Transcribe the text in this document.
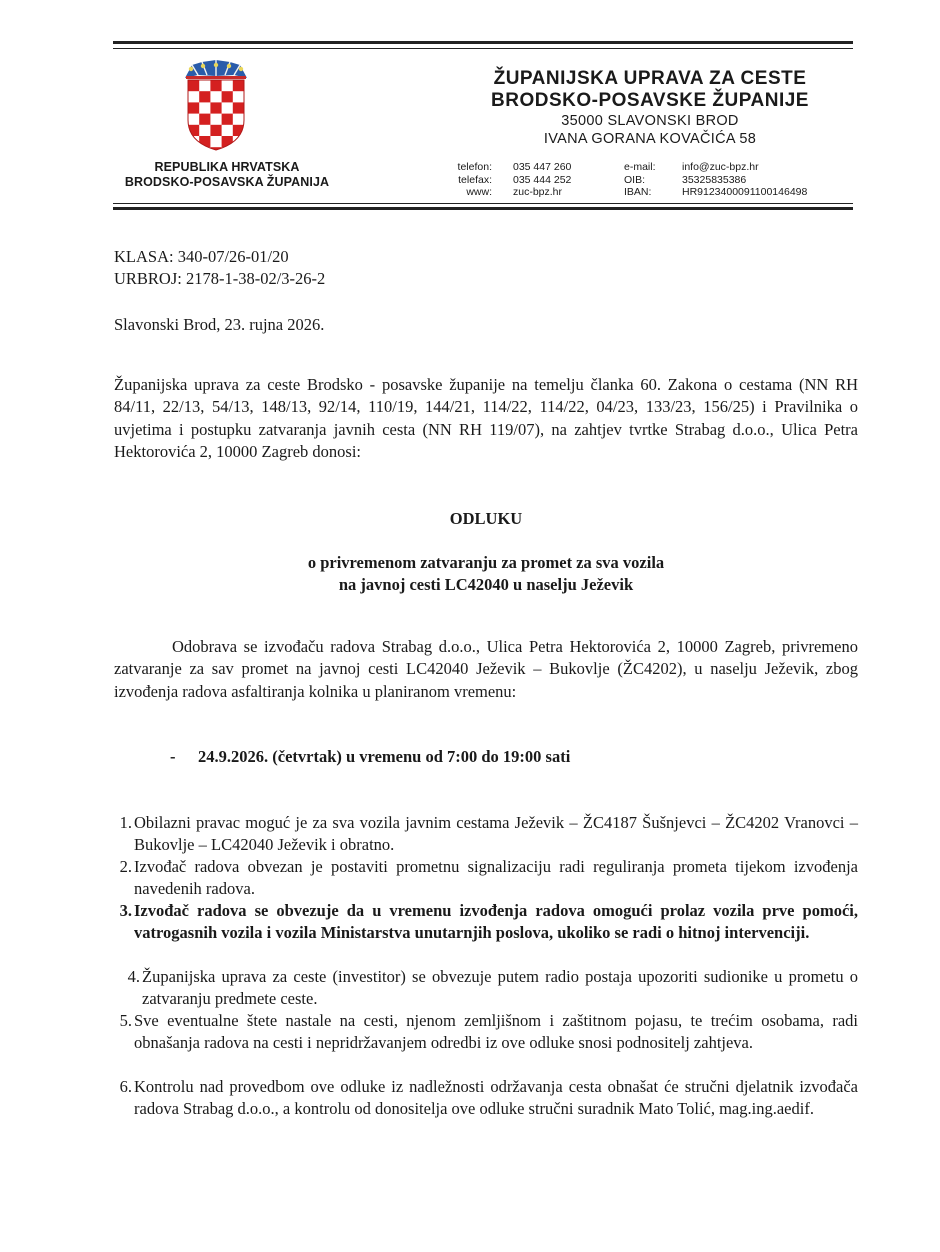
REPUBLIKA HRVATSKA
BRODSKO-POSAVSKA ŽUPANIJA
ŽUPANIJSKA UPRAVA ZA CESTE
BRODSKO-POSAVSKE ŽUPANIJE
35000 SLAVONSKI BROD
IVANA GORANA KOVAČIĆA 58
telefon:
telefax:
www:
035 447 260
035 444 252
zuc-bpz.hr
e-mail:
OIB:
IBAN:
info@zuc-bpz.hr
35325835386
HR9123400091100146498
KLASA: 340-07/26-01/20
URBROJ: 2178-1-38-02/3-26-2
Slavonski Brod, 23. rujna 2026.
Županijska uprava za ceste Brodsko - posavske županije na temelju članka 60. Zakona o cestama (NN RH 84/11, 22/13, 54/13, 148/13, 92/14, 110/19, 144/21, 114/22, 114/22, 04/23, 133/23, 156/25) i Pravilnika o uvjetima i postupku zatvaranja javnih cesta (NN RH 119/07), na zahtjev tvrtke Strabag d.o.o., Ulica Petra Hektorovića 2, 10000 Zagreb donosi:
ODLUKU
o privremenom zatvaranju za promet za sva vozila
na javnoj cesti LC42040 u naselju Ježevik
Odobrava se izvođaču radova Strabag d.o.o., Ulica Petra Hektorovića 2, 10000 Zagreb, privremeno zatvaranje za sav promet na javnoj cesti LC42040 Ježevik – Bukovlje (ŽC4202), u naselju Ježevik, zbog izvođenja radova asfaltiranja kolnika u planiranom vremenu:
- 24.9.2026. (četvrtak) u vremenu od 7:00 do 19:00 sati
1. Obilazni pravac moguć je za sva vozila javnim cestama Ježevik – ŽC4187 Šušnjevci – ŽC4202 Vranovci – Bukovlje – LC42040 Ježevik i obratno.
2. Izvođač radova obvezan je postaviti prometnu signalizaciju radi reguliranja prometa tijekom izvođenja navedenih radova.
3. Izvođač radova se obvezuje da u vremenu izvođenja radova omogući prolaz vozila prve pomoći, vatrogasnih vozila i vozila Ministarstva unutarnjih poslova, ukoliko se radi o hitnoj intervenciji.
4. Županijska uprava za ceste (investitor) se obvezuje putem radio postaja upozoriti sudionike u prometu o zatvaranju predmete ceste.
5. Sve eventualne štete nastale na cesti, njenom zemljišnom i zaštitnom pojasu, te trećim osobama, radi obnašanja radova na cesti i nepridržavanjem odredbi iz ove odluke snosi podnositelj zahtjeva.
6. Kontrolu nad provedbom ove odluke iz nadležnosti održavanja cesta obnašat će stručni djelatnik izvođača radova Strabag d.o.o., a kontrolu od donositelja ove odluke stručni suradnik Mato Tolić, mag.ing.aedif.
